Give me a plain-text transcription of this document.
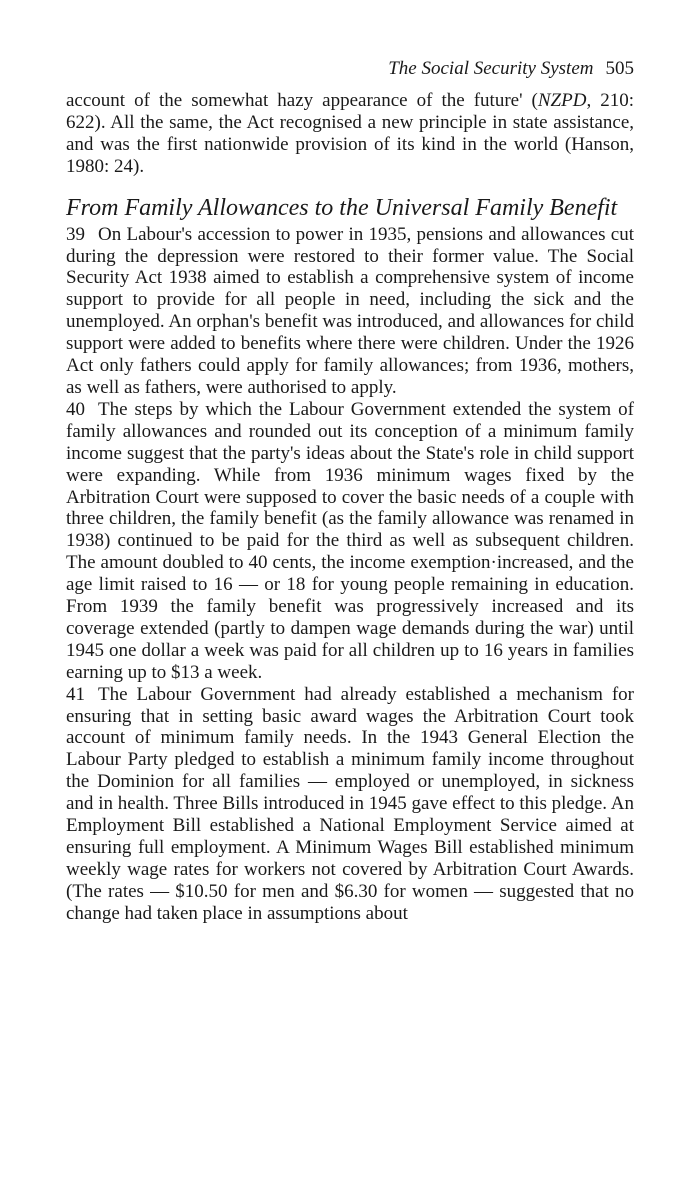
The Social Security System 505

account of the somewhat hazy appearance of the future' (NZPD, 210: 622). All the same, the Act recognised a new principle in state assistance, and was the first nationwide provision of its kind in the world (Hanson, 1980: 24).

From Family Allowances to the Universal Family Benefit

39 On Labour's accession to power in 1935, pensions and allowances cut during the depression were restored to their former value. The Social Security Act 1938 aimed to establish a comprehensive system of income support to provide for all people in need, including the sick and the unemployed. An orphan's benefit was introduced, and allowances for child support were added to benefits where there were children. Under the 1926 Act only fathers could apply for family allowances; from 1936, mothers, as well as fathers, were authorised to apply.

40 The steps by which the Labour Government extended the system of family allowances and rounded out its conception of a minimum family income suggest that the party's ideas about the State's role in child support were expanding. While from 1936 minimum wages fixed by the Arbitration Court were supposed to cover the basic needs of a couple with three children, the family benefit (as the family allowance was renamed in 1938) continued to be paid for the third as well as subsequent children. The amount doubled to 40 cents, the income exemption·increased, and the age limit raised to 16 — or 18 for young people remaining in education. From 1939 the family benefit was progressively increased and its coverage extended (partly to dampen wage demands during the war) until 1945 one dollar a week was paid for all children up to 16 years in families earning up to $13 a week.

41 The Labour Government had already established a mechanism for ensuring that in setting basic award wages the Arbitration Court took account of minimum family needs. In the 1943 General Election the Labour Party pledged to establish a minimum family income throughout the Dominion for all families — employed or unemployed, in sickness and in health. Three Bills introduced in 1945 gave effect to this pledge. An Employment Bill established a National Employment Service aimed at ensuring full employment. A Minimum Wages Bill established minimum weekly wage rates for workers not covered by Arbitration Court Awards. (The rates — $10.50 for men and $6.30 for women — suggested that no change had taken place in assumptions about
